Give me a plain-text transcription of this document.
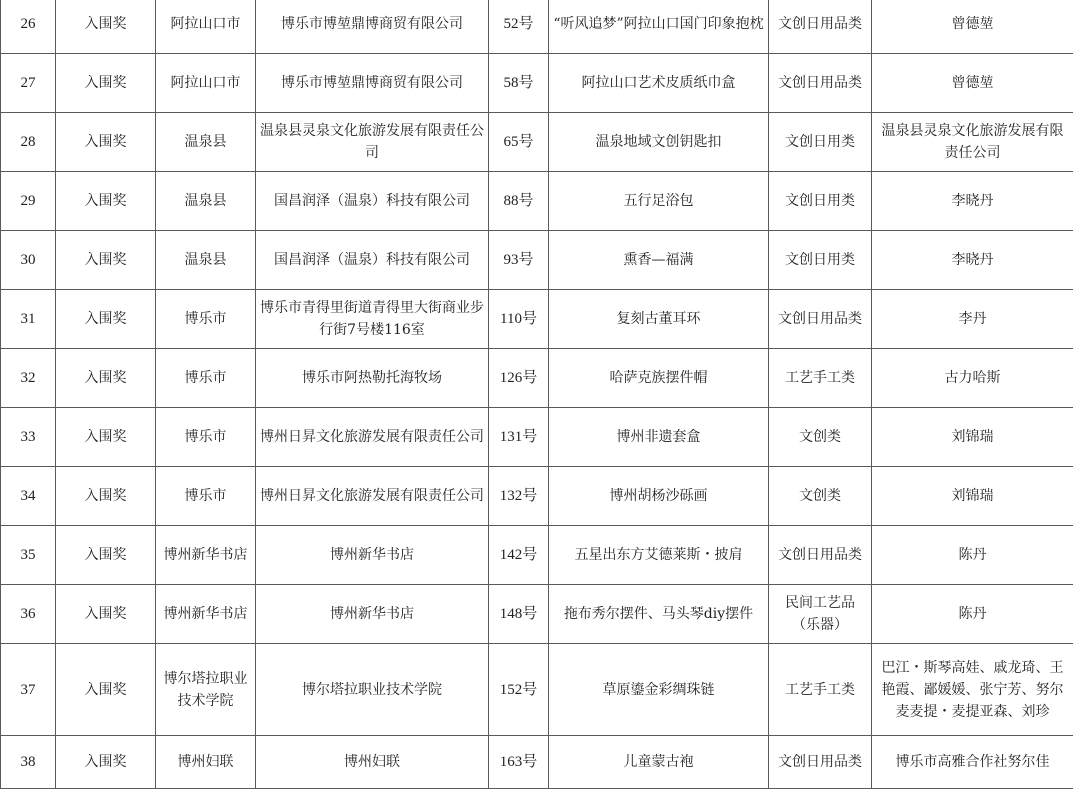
26	入围奖	阿拉山口市	博乐市博堃鼎博商贸有限公司	52号	“听风追梦”阿拉山口国门印象抱枕	文创日用品类	曾德堃
27	入围奖	阿拉山口市	博乐市博堃鼎博商贸有限公司	58号	阿拉山口艺术皮质纸巾盒	文创日用品类	曾德堃
28	入围奖	温泉县	温泉县灵泉文化旅游发展有限责任公司	65号	温泉地域文创钥匙扣	文创日用类	温泉县灵泉文化旅游发展有限责任公司
29	入围奖	温泉县	国昌润泽（温泉）科技有限公司	88号	五行足浴包	文创日用类	李晓丹
30	入围奖	温泉县	国昌润泽（温泉）科技有限公司	93号	熏香—福满	文创日用类	李晓丹
31	入围奖	博乐市	博乐市青得里街道青得里大街商业步行街7号楼116室	110号	复刻古董耳环	文创日用品类	李丹
32	入围奖	博乐市	博乐市阿热勒托海牧场	126号	哈萨克族摆件帽	工艺手工类	古力哈斯
33	入围奖	博乐市	博州日昇文化旅游发展有限责任公司	131号	博州非遗套盒	文创类	刘锦瑞
34	入围奖	博乐市	博州日昇文化旅游发展有限责任公司	132号	博州胡杨沙砾画	文创类	刘锦瑞
35	入围奖	博州新华书店	博州新华书店	142号	五星出东方艾德莱斯・披肩	文创日用品类	陈丹
36	入围奖	博州新华书店	博州新华书店	148号	拖布秀尔摆件、马头琴diy摆件	民间工艺品（乐器）	陈丹
37	入围奖	博尔塔拉职业技术学院	博尔塔拉职业技术学院	152号	草原鎏金彩绸珠链	工艺手工类	巴江・斯琴高娃、戚龙琦、王艳霞、鄙媛媛、张宁芳、努尔麦麦提・麦提亚森、刘珍
38	入围奖	博州妇联	博州妇联	163号	儿童蒙古袍	文创日用品类	博乐市高雅合作社努尔佳
